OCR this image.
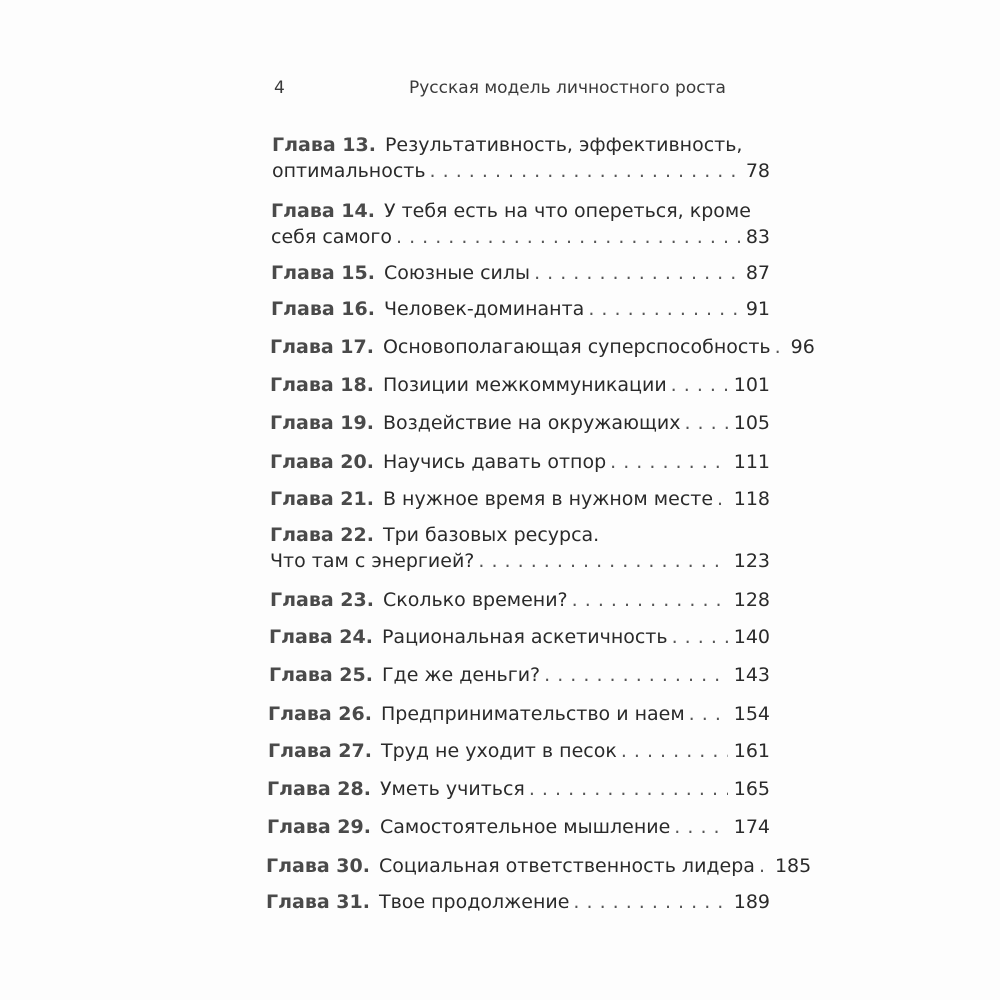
4	Русская модель личностного роста
Глава 13. Результативность, эффективность,
оптимальность . . .	78
Глава 14. У тебя есть на что опереться, кроме
себя самого . . .	83
Глава 15. Союзные силы . . .	87
Глава 16. Человек-доминанта . . .	91
Глава 17. Основополагающая суперспособность . . . 96
Глава 18. Позиции межкоммуникации . . .	101
Глава 19. Воздействие на окружающих . . .	105
Глава 20. Научись давать отпор . . .	111
Глава 21. В нужное время в нужном месте . . . 118
Глава 22. Три базовых ресурса.
Что там с энергией? . . .	123
Глава 23. Сколько времени? . . .	128
Глава 24. Рациональная аскетичность . . .	140
Глава 25. Где же деньги? . . .	143
Глава 26. Предпринимательство и наем . . .	154
Глава 27. Труд не уходит в песок . . .	161
Глава 28. Уметь учиться . . .	165
Глава 29. Самостоятельное мышление . . .	174
Глава 30. Социальная ответственность лидера . . . 185
Глава 31. Твое продолжение . . .	189
